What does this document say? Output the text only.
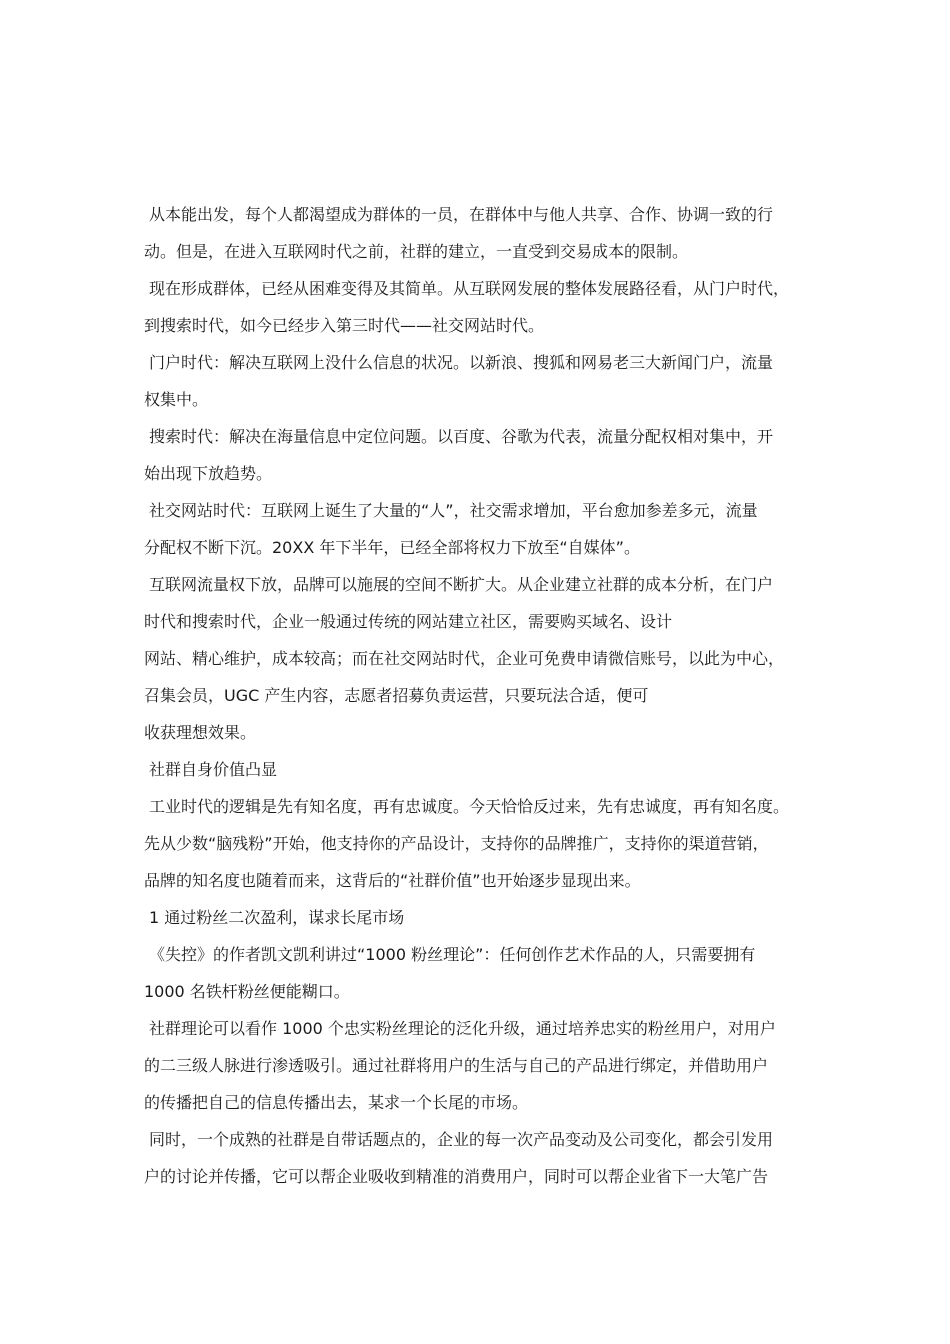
从本能出发，每个人都渴望成为群体的一员，在群体中与他人共享、合作、协调一致的行
动。但是，在进入互联网时代之前，社群的建立，一直受到交易成本的限制。
现在形成群体，已经从困难变得及其简单。从互联网发展的整体发展路径看，从门户时代，
到搜索时代，如今已经步入第三时代——社交网站时代。
门户时代：解决互联网上没什么信息的状况。以新浪、搜狐和网易老三大新闻门户，流量
权集中。
搜索时代：解决在海量信息中定位问题。以百度、谷歌为代表，流量分配权相对集中，开
始出现下放趋势。
社交网站时代：互联网上诞生了大量的“人”，社交需求增加，平台愈加参差多元，流量
分配权不断下沉。20XX 年下半年，已经全部将权力下放至“自媒体”。
互联网流量权下放，品牌可以施展的空间不断扩大。从企业建立社群的成本分析，在门户
时代和搜索时代，企业一般通过传统的网站建立社区，需要购买域名、设计
网站、精心维护，成本较高；而在社交网站时代，企业可免费申请微信账号，以此为中心，
召集会员，UGC 产生内容，志愿者招募负责运营，只要玩法合适，便可
收获理想效果。
社群自身价值凸显
工业时代的逻辑是先有知名度，再有忠诚度。今天恰恰反过来，先有忠诚度，再有知名度。
先从少数“脑残粉”开始，他支持你的产品设计，支持你的品牌推广，支持你的渠道营销，
品牌的知名度也随着而来，这背后的“社群价值”也开始逐步显现出来。
1 通过粉丝二次盈利，谋求长尾市场
《失控》的作者凯文凯利讲过“1000 粉丝理论”：任何创作艺术作品的人，只需要拥有
1000 名铁杆粉丝便能糊口。
社群理论可以看作 1000 个忠实粉丝理论的泛化升级，通过培养忠实的粉丝用户，对用户
的二三级人脉进行渗透吸引。通过社群将用户的生活与自己的产品进行绑定，并借助用户
的传播把自己的信息传播出去，某求一个长尾的市场。
同时，一个成熟的社群是自带话题点的，企业的每一次产品变动及公司变化，都会引发用
户的讨论并传播，它可以帮企业吸收到精准的消费用户，同时可以帮企业省下一大笔广告
